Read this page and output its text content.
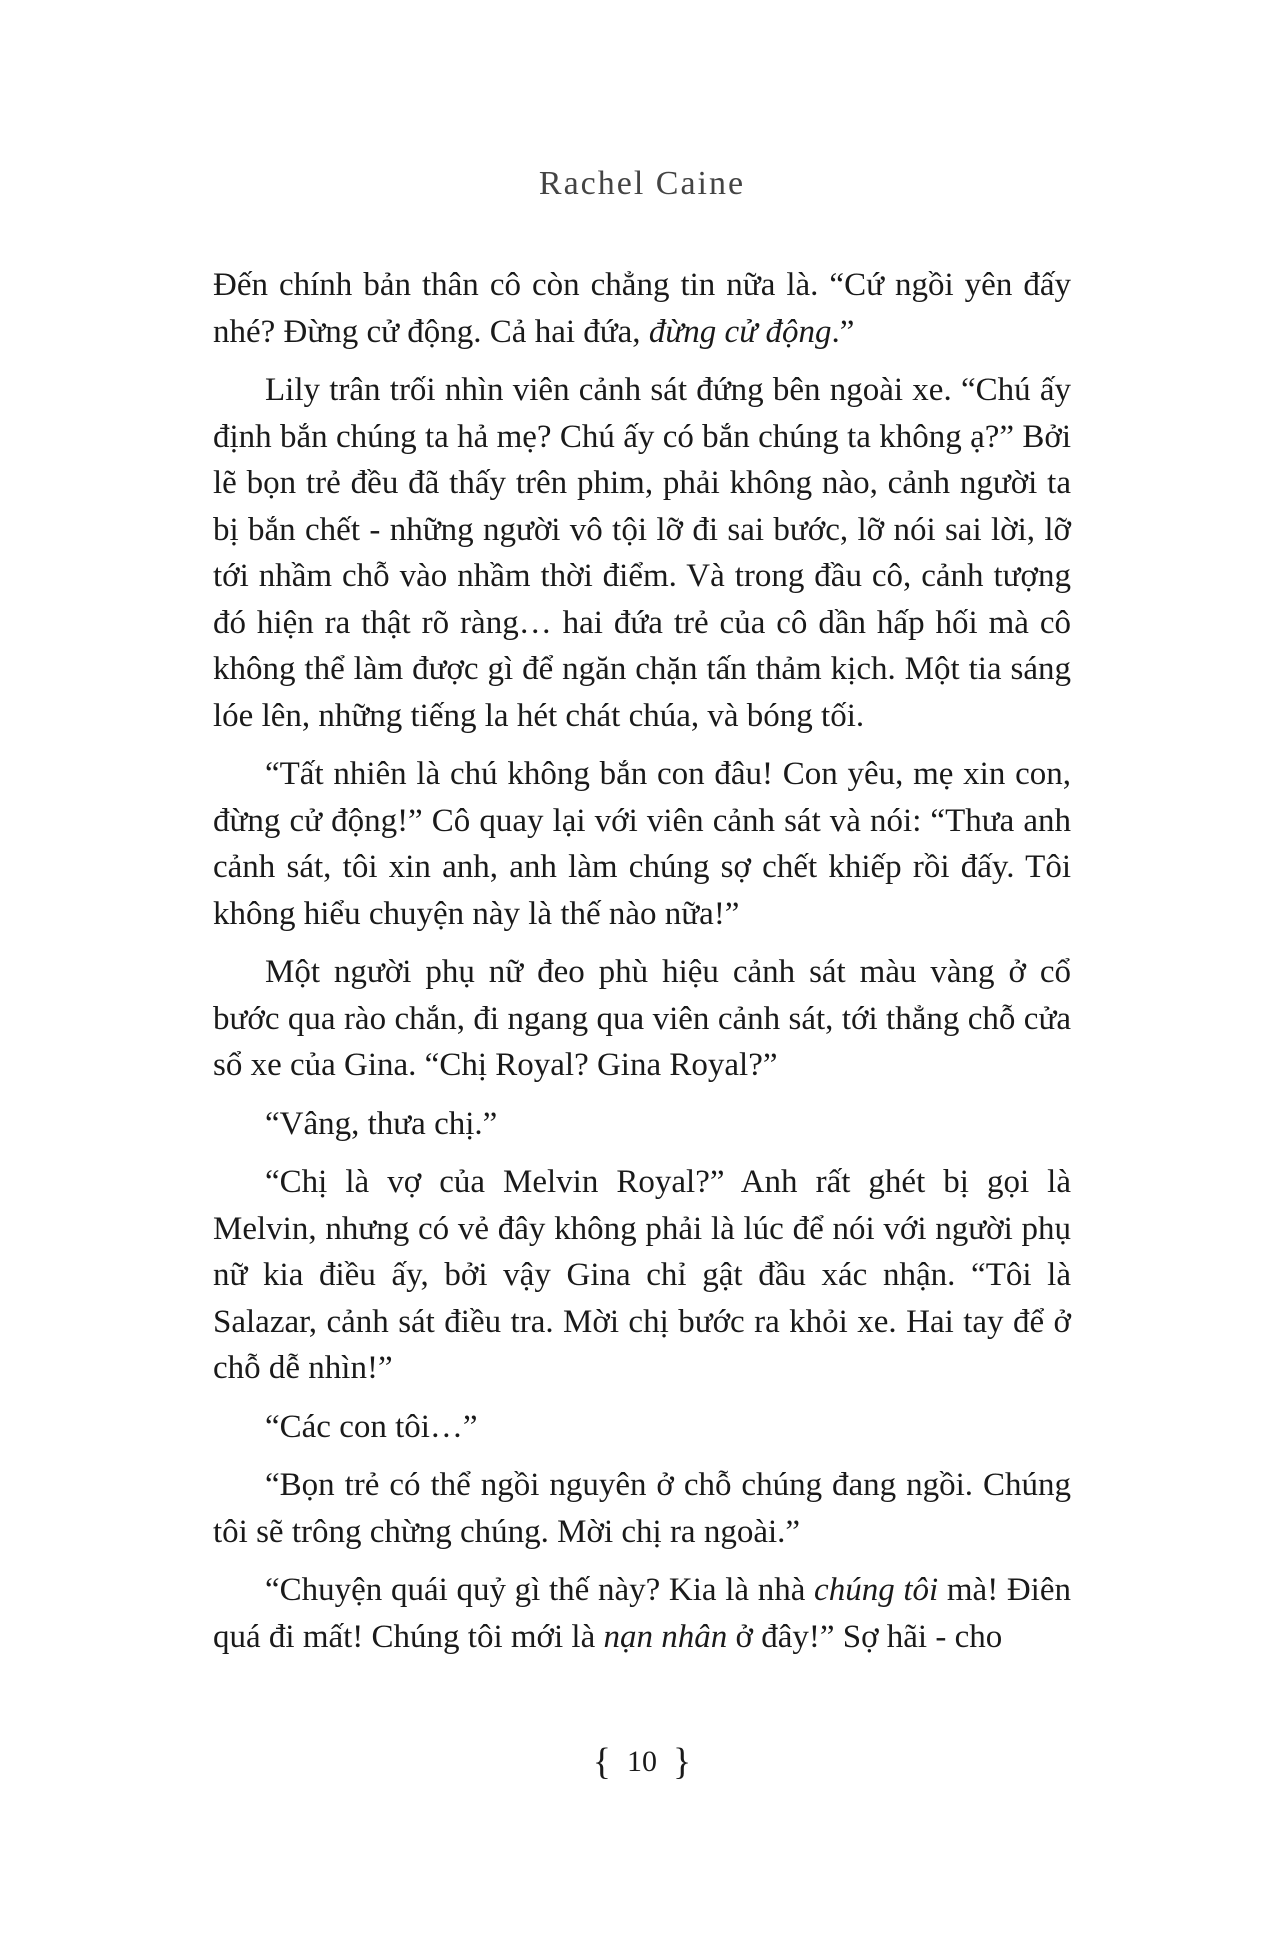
Rachel Caine

Đến chính bản thân cô còn chẳng tin nữa là. “Cứ ngồi yên đấy nhé? Đừng cử động. Cả hai đứa, đừng cử động.”

Lily trân trối nhìn viên cảnh sát đứng bên ngoài xe. “Chú ấy định bắn chúng ta hả mẹ? Chú ấy có bắn chúng ta không ạ?” Bởi lẽ bọn trẻ đều đã thấy trên phim, phải không nào, cảnh người ta bị bắn chết - những người vô tội lỡ đi sai bước, lỡ nói sai lời, lỡ tới nhầm chỗ vào nhầm thời điểm. Và trong đầu cô, cảnh tượng đó hiện ra thật rõ ràng… hai đứa trẻ của cô dần hấp hối mà cô không thể làm được gì để ngăn chặn tấn thảm kịch. Một tia sáng lóe lên, những tiếng la hét chát chúa, và bóng tối.

“Tất nhiên là chú không bắn con đâu! Con yêu, mẹ xin con, đừng cử động!” Cô quay lại với viên cảnh sát và nói: “Thưa anh cảnh sát, tôi xin anh, anh làm chúng sợ chết khiếp rồi đấy. Tôi không hiểu chuyện này là thế nào nữa!”

Một người phụ nữ đeo phù hiệu cảnh sát màu vàng ở cổ bước qua rào chắn, đi ngang qua viên cảnh sát, tới thẳng chỗ cửa sổ xe của Gina. “Chị Royal? Gina Royal?”

“Vâng, thưa chị.”

“Chị là vợ của Melvin Royal?” Anh rất ghét bị gọi là Melvin, nhưng có vẻ đây không phải là lúc để nói với người phụ nữ kia điều ấy, bởi vậy Gina chỉ gật đầu xác nhận. “Tôi là Salazar, cảnh sát điều tra. Mời chị bước ra khỏi xe. Hai tay để ở chỗ dễ nhìn!”

“Các con tôi…”

“Bọn trẻ có thể ngồi nguyên ở chỗ chúng đang ngồi. Chúng tôi sẽ trông chừng chúng. Mời chị ra ngoài.”

“Chuyện quái quỷ gì thế này? Kia là nhà chúng tôi mà! Điên quá đi mất! Chúng tôi mới là nạn nhân ở đây!” Sợ hãi - cho

{ 10 }
